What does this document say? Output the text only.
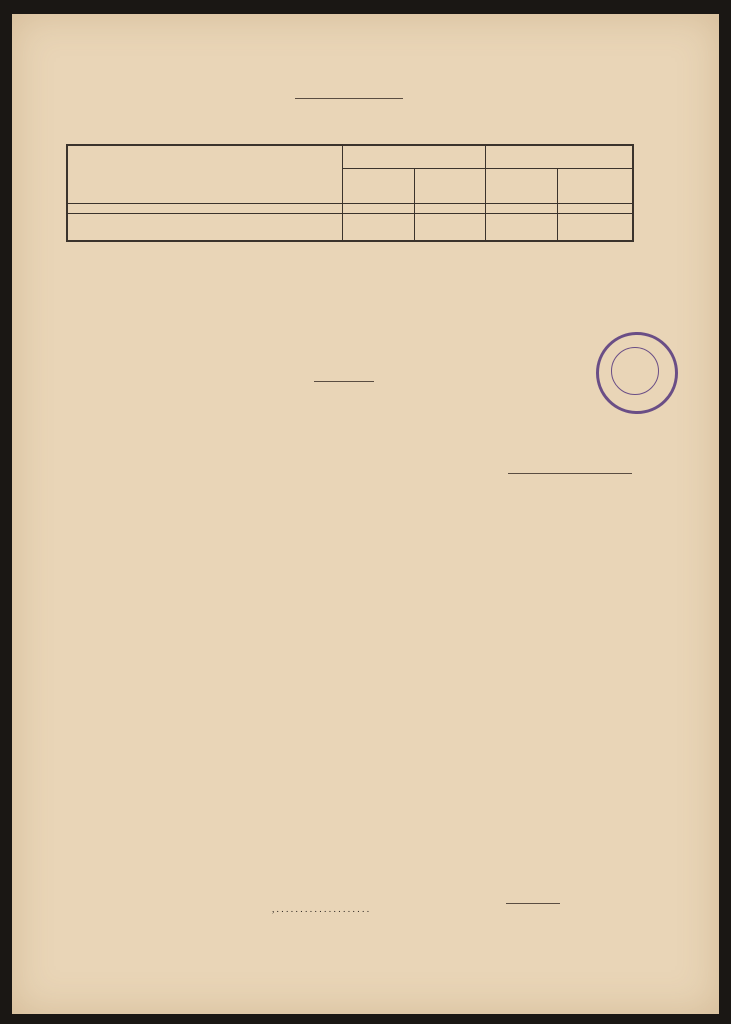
, . . . . . . . . . . . . . . . . . . . .
